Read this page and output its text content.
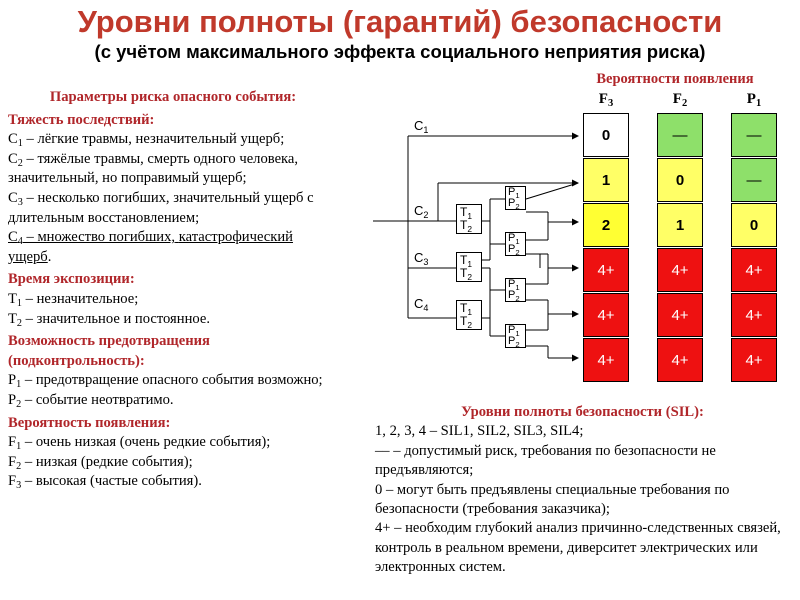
Уровни полноты (гарантий) безопасности
(с учётом максимального эффекта социального неприятия риска)

Параметры риска опасного события:

Тяжесть последствий:

$C_1$ – лёгкие травмы, незначительный ущерб;

$C_2$ – тяжёлые травмы, смерть одного человека, значительный, но поправимый ущерб;

$C_3$ – несколько погибших, значительный ущерб с длительным восстановлением;

$C_4$ – множество погибших, катастрофический ущерб.

Время экспозиции:

$T_1$ – незначительное;

$T_2$ – значительное и постоянное.

Возможность предотвращения (подконтрольность):

$P_1$ – предотвращение опасного события возможно;

$P_2$ – событие неотвратимо.

Вероятность появления:

$F_1$ – очень низкая (очень редкие события);

$F_2$ – низкая (редкие события);

$F_3$ – высокая (частые события).

$C_1$
$C_2$
$C_3$
$C_4$
$T_1$
$T_2$
$T_1$
$T_2$
$T_1$
$T_2$
$P_1$
$P_2$
$P_1$
$P_2$
$P_1$
$P_2$
$P_1$
$P_2$
Вероятности появления
$F_3$	$F_2$	$P_1$
0
1
2
4+
4+
4+
—
0
1
4+
4+
4+
—
—
0
4+
4+
4+

Уровни полноты безопасности (SIL):

1, 2, 3, 4 – SIL1, SIL2, SIL3, SIL4;

–– – допустимый риск, требования по безопасности не предъявляются;

0 – могут быть предъявлены специальные требования по безопасности (требования заказчика);

4+ – необходим глубокий анализ причинно-следственных связей, контроль в реальном времени, диверситет электрических или электронных систем.
